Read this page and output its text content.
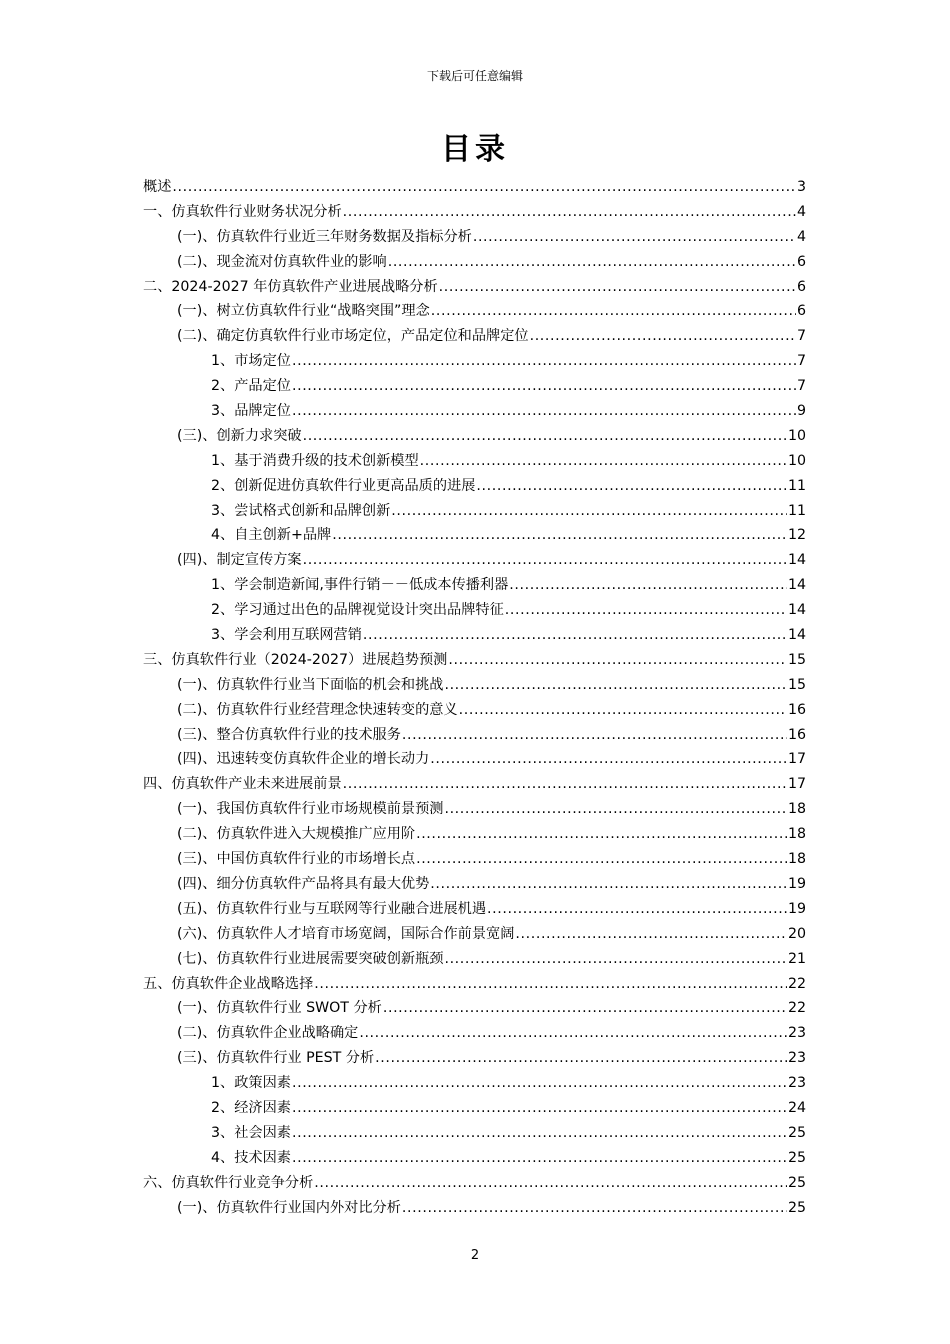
下载后可任意编辑
目录
概述 .....	3
一、仿真软件行业财务状况分析 .....	4
(一)、仿真软件行业近三年财务数据及指标分析 .....	4
(二)、现金流对仿真软件业的影响 .....	6
二、2024-2027 年仿真软件产业进展战略分析 .....	6
(一)、树立仿真软件行业“战略突围”理念 .....	6
(二)、确定仿真软件行业市场定位，产品定位和品牌定位 .....	7
1、市场定位 .....	7
2、产品定位 .....	7
3、品牌定位 .....	9
(三)、创新力求突破 .....	10
1、基于消费升级的技术创新模型 .....	10
2、创新促进仿真软件行业更高品质的进展 .....	11
3、尝试格式创新和品牌创新 .....	11
4、自主创新+品牌 .....	12
(四)、制定宣传方案 .....	14
1、学会制造新闻,事件行销－－低成本传播利器 .....	14
2、学习通过出色的品牌视觉设计突出品牌特征 .....	14
3、学会利用互联网营销 .....	14
三、仿真软件行业（2024-2027）进展趋势预测 .....	15
(一)、仿真软件行业当下面临的机会和挑战 .....	15
(二)、仿真软件行业经营理念快速转变的意义 .....	16
(三)、整合仿真软件行业的技术服务 .....	16
(四)、迅速转变仿真软件企业的增长动力 .....	17
四、仿真软件产业未来进展前景 .....	17
(一)、我国仿真软件行业市场规模前景预测 .....	18
(二)、仿真软件进入大规模推广应用阶 .....	18
(三)、中国仿真软件行业的市场增长点 .....	18
(四)、细分仿真软件产品将具有最大优势 .....	19
(五)、仿真软件行业与互联网等行业融合进展机遇 .....	19
(六)、仿真软件人才培育市场宽阔，国际合作前景宽阔 .....	20
(七)、仿真软件行业进展需要突破创新瓶颈 .....	21
五、仿真软件企业战略选择 .....	22
(一)、仿真软件行业 SWOT 分析 .....	22
(二)、仿真软件企业战略确定 .....	23
(三)、仿真软件行业 PEST 分析 .....	23
1、政策因素 .....	23
2、经济因素 .....	24
3、社会因素 .....	25
4、技术因素 .....	25
六、仿真软件行业竞争分析 .....	25
(一)、仿真软件行业国内外对比分析 .....	25
2
